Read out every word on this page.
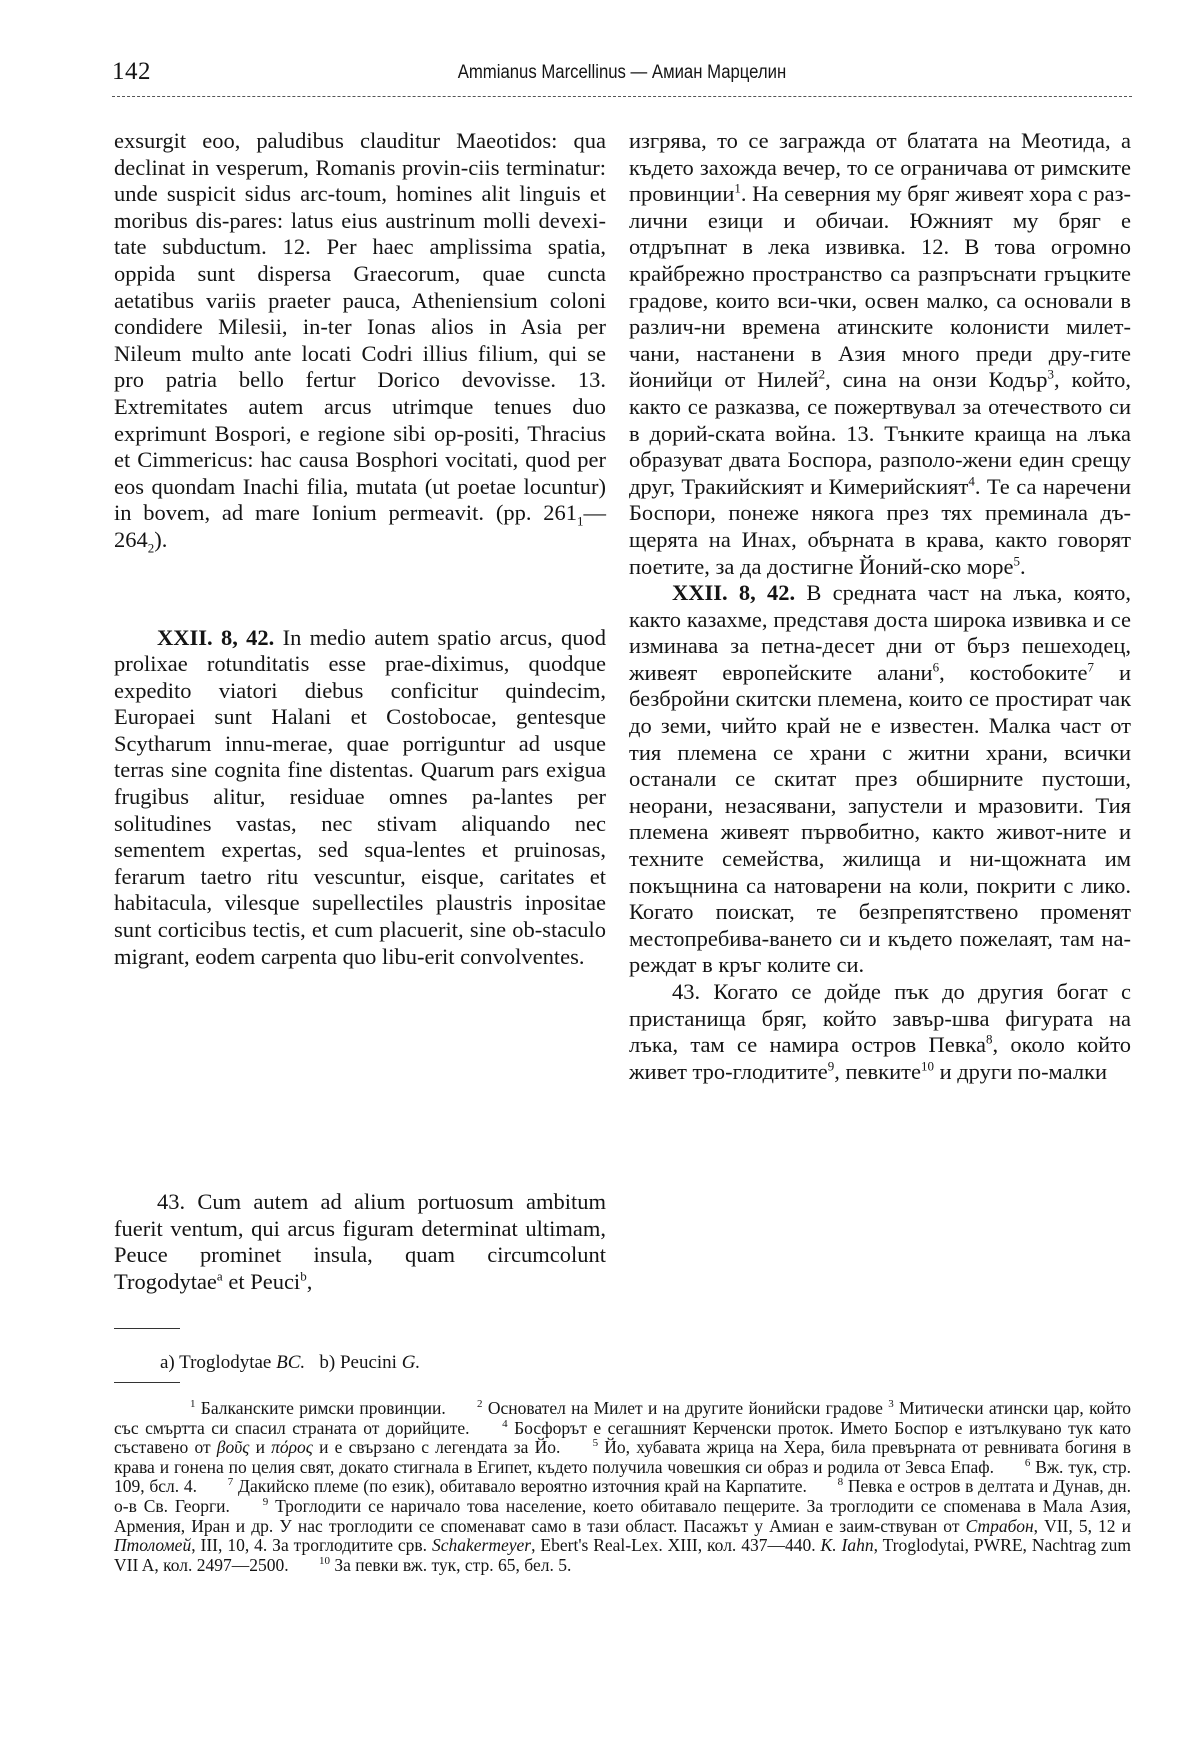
142	Ammianus Marcellinus — Амиан Марцелин

exsurgit eoo, paludibus clauditur Maeotidos: qua declinat in vesperum, Romanis provin-ciis terminatur: unde suspicit sidus arc-toum, homines alit linguis et moribus dis-pares: latus eius austrinum molli devexi-tate subductum. 12. Per haec amplissima spatia, oppida sunt dispersa Graecorum, quae cuncta aetatibus variis praeter pauca, Atheniensium coloni condidere Milesii, in-ter Ionas alios in Asia per Nileum multo ante locati Codri illius filium, qui se pro patria bello fertur Dorico devovisse. 13. Extremitates autem arcus utrimque tenues duo exprimunt Bospori, e regione sibi op-positi, Thracius et Cimmericus: hac causa Bosphori vocitati, quod per eos quondam Inachi filia, mutata (ut poetae locuntur) in bovem, ad mare Ionium permeavit. (pp. $261_1—264_2$).

XXII. 8, 42. In medio autem spatio arcus, quod prolixae rotunditatis esse prae-diximus, quodque expedito viatori diebus conficitur quindecim, Europaei sunt Halani et Costobocae, gentesque Scytharum innu-merae, quae porriguntur ad usque terras sine cognita fine distentas. Quarum pars exigua frugibus alitur, residuae omnes pa-lantes per solitudines vastas, nec stivam aliquando nec sementem expertas, sed squa-lentes et pruinosas, ferarum taetro ritu vescuntur, eisque, caritates et habitacula, vilesque supellectiles plaustris inpositae sunt corticibus tectis, et cum placuerit, sine ob-staculo migrant, eodem carpenta quo libu-erit convolventes.

43. Cum autem ad alium portuosum ambitum fuerit ventum, qui arcus figuram determinat ultimam, Peuce prominet insula, quam circumcolunt Trogodytae$^a$ et Peuci$^b$,

изгрява, то се загражда от блатата на Меотида, а където захожда вечер, то се ограничава от римските провинции$^1$. На северния му бряг живеят хора с раз-лични езици и обичаи. Южният му бряг е отдръпнат в лека извивка. 12. В това огромно крайбрежно пространство са разпръснати гръцките градове, които вси-чки, освен малко, са основали в различ-ни времена атинските колонисти милет-чани, настанени в Азия много преди дру-гите йонийци от Нилей$^2$, сина на онзи Кодър$^3$, който, както се разказва, се пожертвувал за отечеството си в дорий-ската война. 13. Тънките краища на лъка образуват двата Боспора, разполо-жени един срещу друг, Тракийският и Кимерийският$^4$. Те са наречени Боспори, понеже някога през тях преминала дъ-щерята на Инах, обърната в крава, както говорят поетите, за да достигне Йоний-ско море$^5$.

XXII. 8, 42. В средната част на лъка, която, както казахме, представя доста широка извивка и се изминава за петна-десет дни от бърз пешеходец, живеят европейските алани$^6$, костобоките$^7$ и безбройни скитски племена, които се простират чак до земи, чийто край не е известен. Малка част от тия племена се храни с житни храни, всички останали се скитат през обширните пустоши, неорани, незасявани, запустели и мразовити. Тия племена живеят първобитно, както живот-ните и техните семейства, жилища и ни-щожната им покъщнина са натоварени на коли, покрити с лико. Когато поискат, те безпрепятствено променят местопребива-ването си и където пожелаят, там на-реждат в кръг колите си.

43. Когато се дойде пък до другия богат с пристанища бряг, който завър-шва фигурата на лъка, там се намира остров Певка$^8$, около който живет тро-глодитите$^9$, певките$^{10}$ и други по-малки

a) Troglodytae BC. b) Peucini G.

$^1$ Балканските римски провинции.	$^2$ Основател на Милет и на другите йонийски градове $^3$ Митически атински цар, който със смъртта си спасил страната от дорийците.	$^4$ Босфорът е сегашният Керченски проток. Името Боспор е изтълкувано тук като съставено от βοῦς и πόρος и е свързано с легендата за Йо.	$^5$ Йо, хубавата жрица на Хера, била превърната от ревнивата богиня в крава и гонена по целия свят, докато стигнала в Египет, където получила човешкия си образ и родила от Зевса Епаф.	$^6$ Вж. тук, стр. 109, бсл. 4.	$^7$ Дакийско племе (по език), обитавало вероятно източния край на Карпатите.	$^8$ Певка е остров в делтата и Дунав, дн. о-в Св. Георги.	$^9$ Троглодити се наричало това население, което обитавало пещерите. За троглодити се споменава в Мала Азия, Армения, Иран и др. У нас троглодити се споменават само в тази област. Пасажът у Амиан е заим-ствуван от Страбон, VII, 5, 12 и Птоломей, III, 10, 4. За троглодитите срв. Schakermeyer, Ebert's Real-Lex. XIII, кол. 437—440. K. Iahn, Troglodytai, PWRE, Nachtrag zum VII A, кол. 2497—2500.	$^{10}$ За певки вж. тук, стр. 65, бел. 5.
